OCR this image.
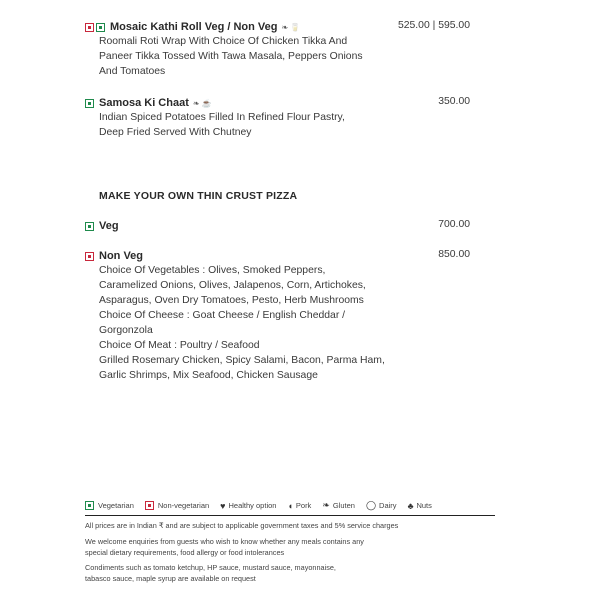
Mosaic Kathi Roll Veg / Non Veg ❧ 🥛	525.00 | 595.00
Roomali Roti Wrap With Choice Of Chicken Tikka And
Paneer Tikka Tossed With Tawa Masala, Peppers Onions
And Tomatoes
Samosa Ki Chaat ❧ ☕	350.00
Indian Spiced Potatoes Filled In Refined Flour Pastry,
Deep Fried Served With Chutney
MAKE YOUR OWN THIN CRUST PIZZA
Veg	700.00
Non Veg	850.00
Choice Of Vegetables : Olives, Smoked Peppers,
Caramelized Onions, Olives, Jalapenos, Corn, Artichokes,
Asparagus, Oven Dry Tomatoes, Pesto, Herb Mushrooms
Choice Of Cheese : Goat Cheese / English Cheddar /
Gorgonzola
Choice Of Meat : Poultry / Seafood
Grilled Rosemary Chicken, Spicy Salami, Bacon, Parma Ham,
Garlic Shrimps, Mix Seafood, Chicken Sausage
Vegetarian	Non-vegetarian ♥ Healthy option ◖ Pork ❧ Gluten ◯ Dairy ♣ Nuts
All prices are in Indian ₹ and are subject to applicable government taxes and 5% service charges
We welcome enquiries from guests who wish to know whether any meals contains any
special dietary requirements, food allergy or food intolerances
Condiments such as tomato ketchup, HP sauce, mustard sauce, mayonnaise,
tabasco sauce, maple syrup are available on request
